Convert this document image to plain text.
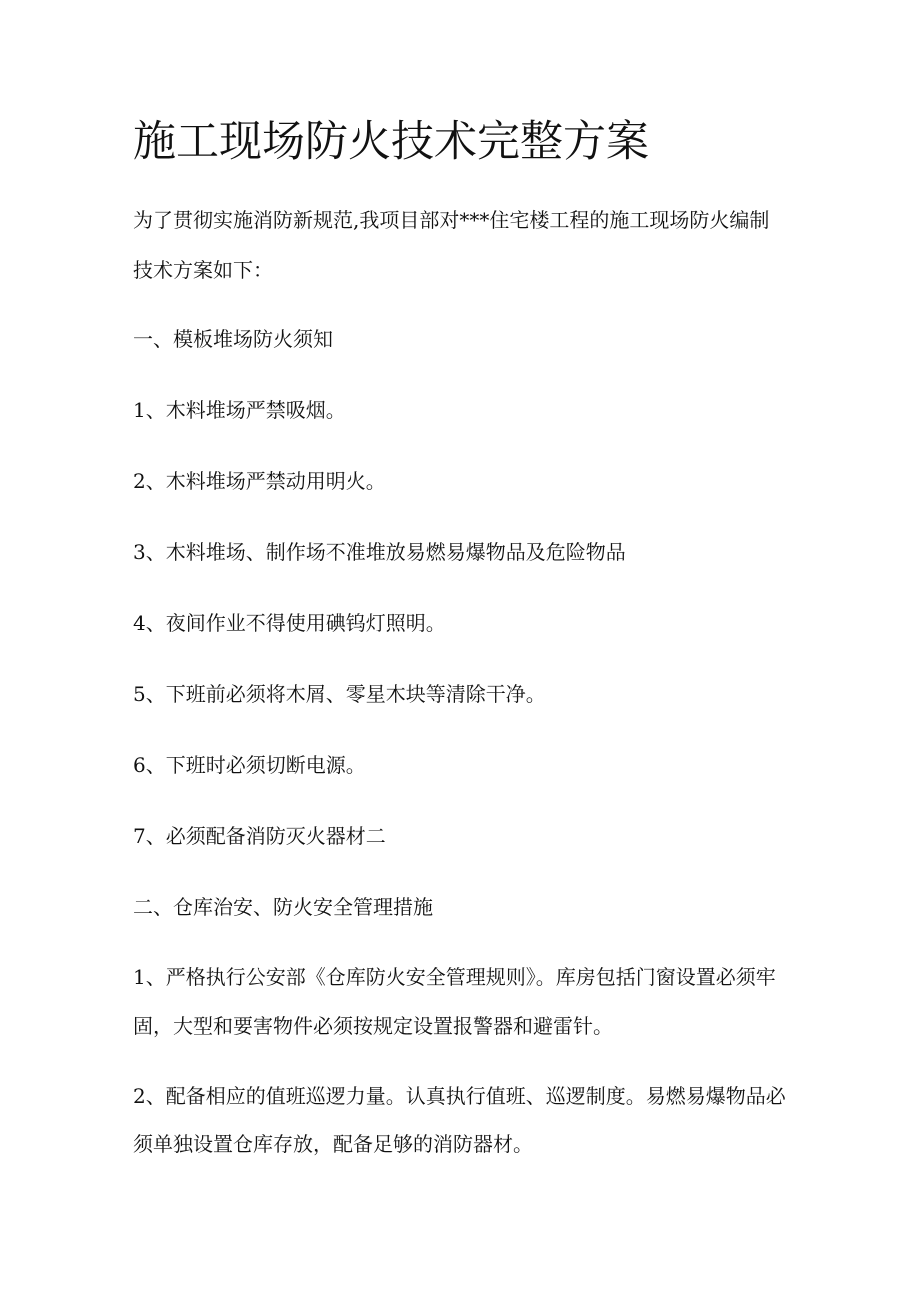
施工现场防火技术完整方案

为了贯彻实施消防新规范,我项目部对***住宅楼工程的施工现场防火编制

技术方案如下：

一、模板堆场防火须知

1、木料堆场严禁吸烟。

2、木料堆场严禁动用明火。

3、木料堆场、制作场不准堆放易燃易爆物品及危险物品

4、夜间作业不得使用碘钨灯照明。

5、下班前必须将木屑、零星木块等清除干净。

6、下班时必须切断电源。

7、必须配备消防灭火器材二

二、仓库治安、防火安全管理措施

1、严格执行公安部《仓库防火安全管理规则》。库房包括门窗设置必须牢

固，大型和要害物件必须按规定设置报警器和避雷针。

2、配备相应的值班巡逻力量。认真执行值班、巡逻制度。易燃易爆物品必

须单独设置仓库存放，配备足够的消防器材。
